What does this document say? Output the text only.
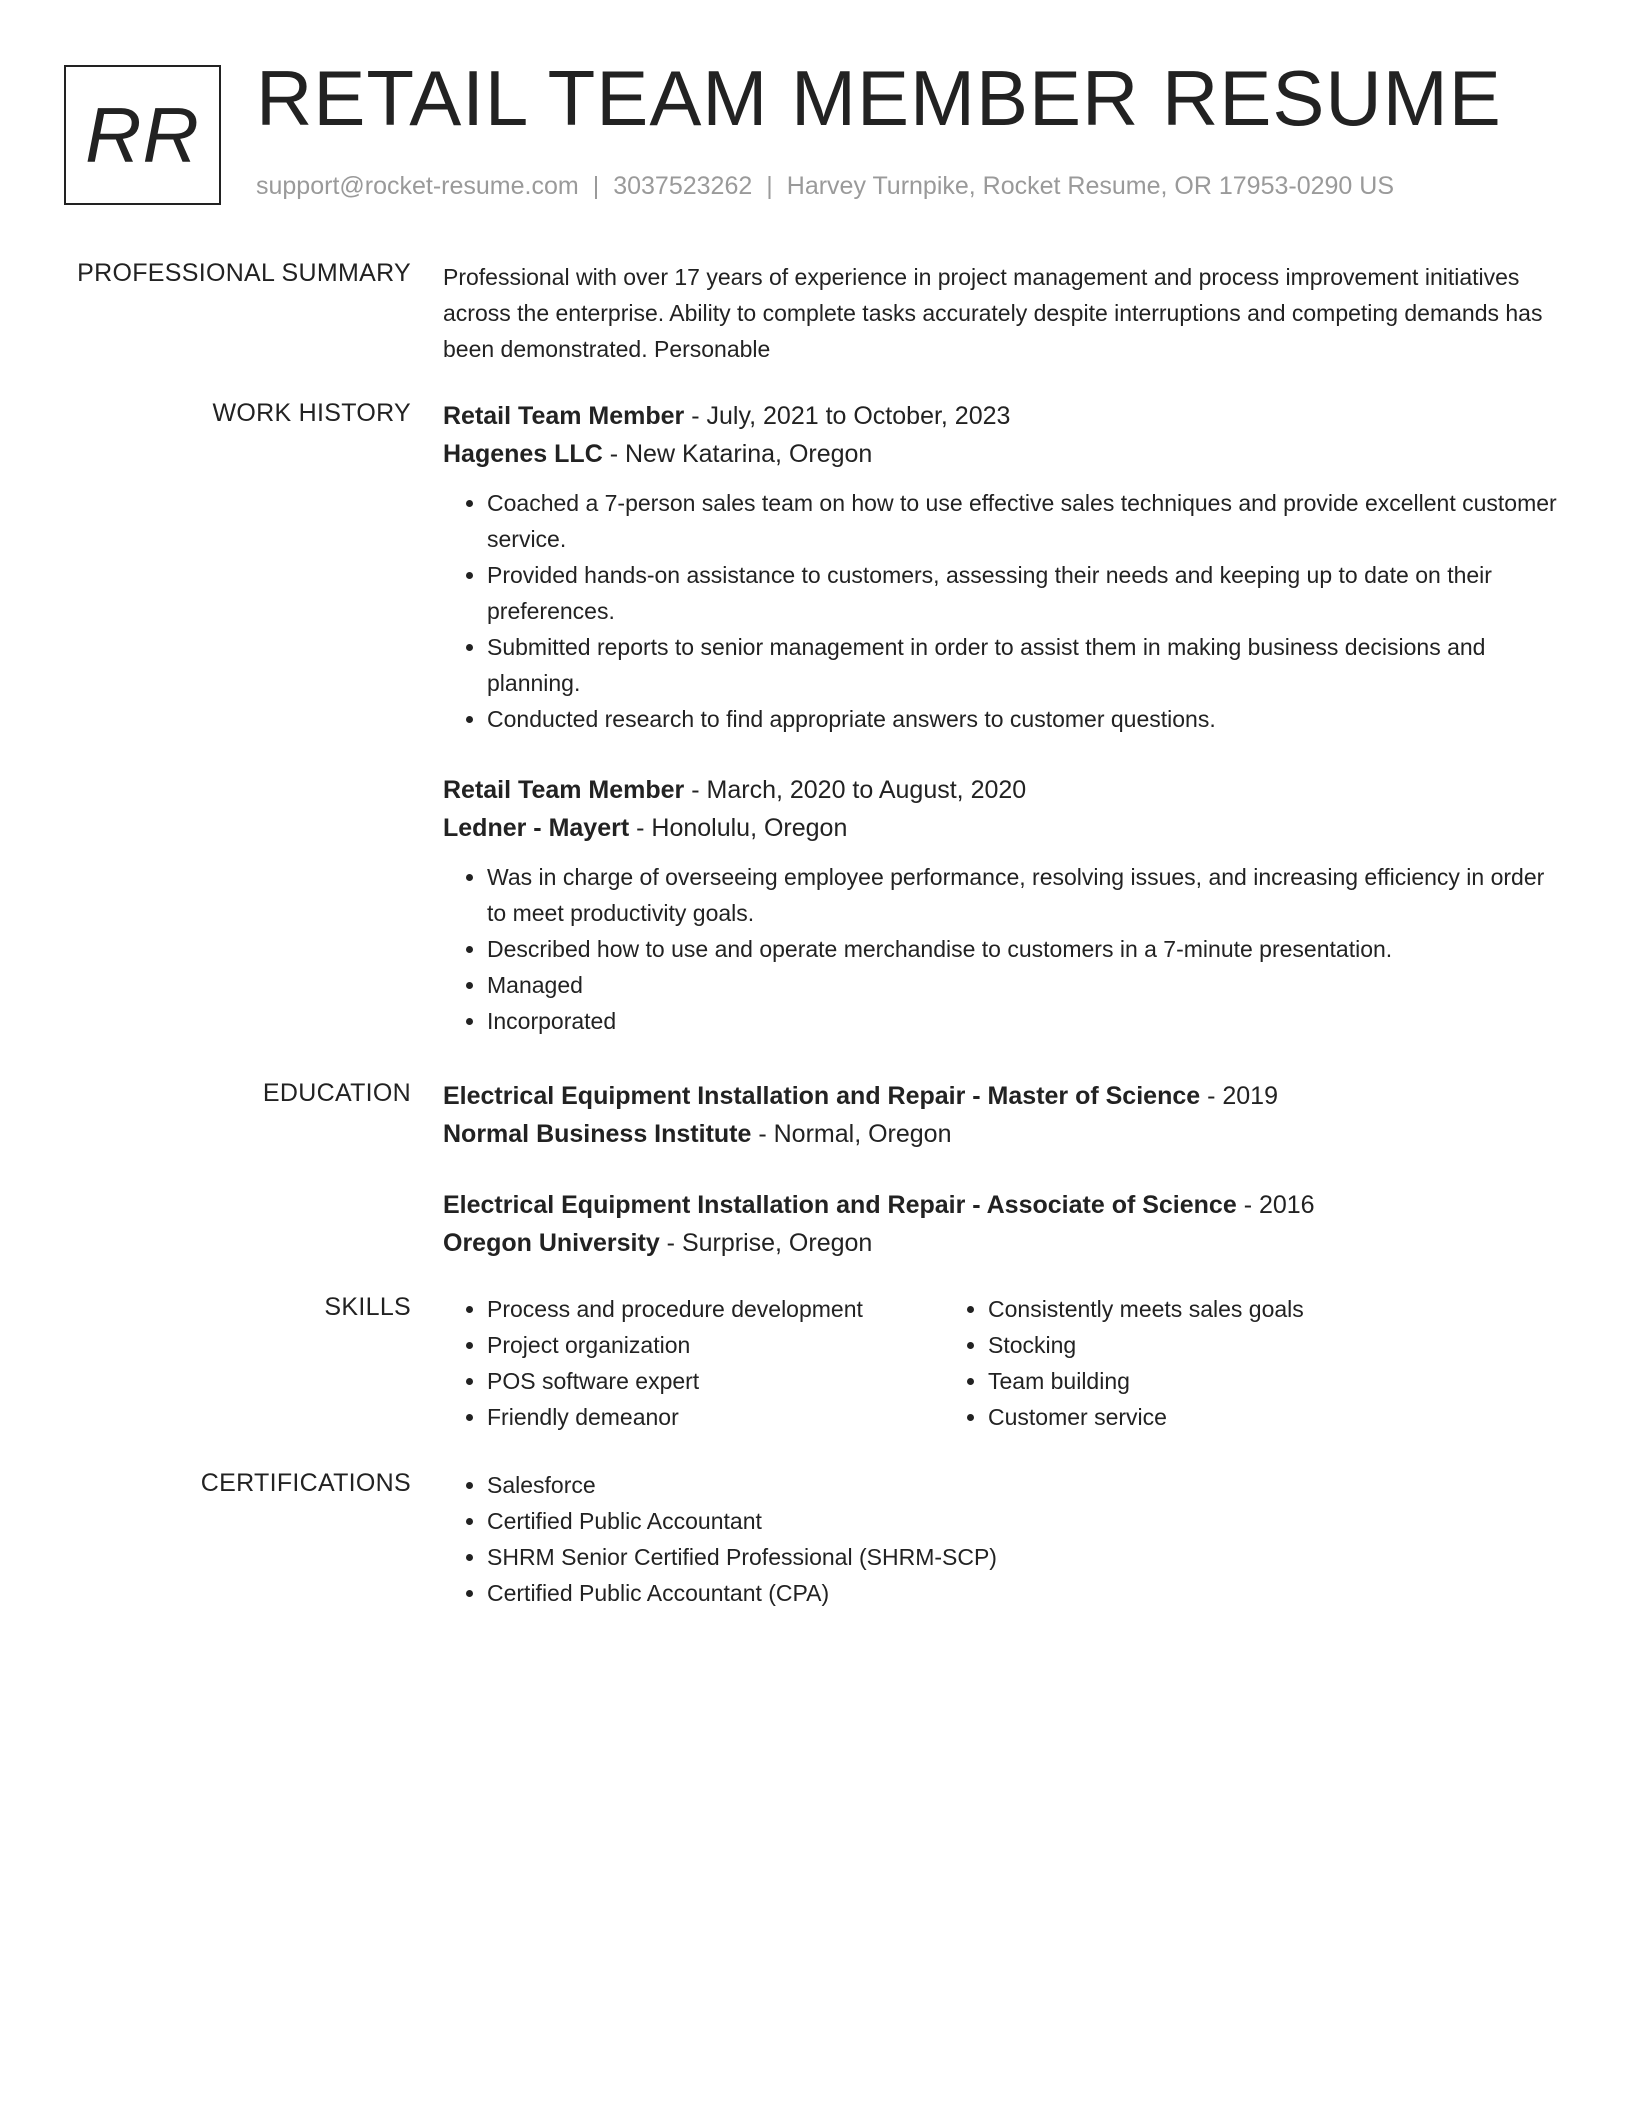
RR RETAIL TEAM MEMBER RESUME
support@rocket-resume.com | 3037523262 | Harvey Turnpike, Rocket Resume, OR 17953-0290 US
PROFESSIONAL SUMMARY Professional with over 17 years of experience in project management and process improvement initiatives across the enterprise. Ability to complete tasks accurately despite interruptions and competing demands has been demonstrated. Personable

WORK HISTORY Retail Team Member - July, 2021 to October, 2023
Hagenes LLC - New Katarina, Oregon
• Coached a 7-person sales team on how to use effective sales techniques and provide excellent customer service.
• Provided hands-on assistance to customers, assessing their needs and keeping up to date on their preferences.
• Submitted reports to senior management in order to assist them in making business decisions and planning.
• Conducted research to find appropriate answers to customer questions.
Retail Team Member - March, 2020 to August, 2020
Ledner - Mayert - Honolulu, Oregon
• Was in charge of overseeing employee performance, resolving issues, and increasing efficiency in order to meet productivity goals.
• Described how to use and operate merchandise to customers in a 7-minute presentation.
• Managed
• Incorporated
EDUCATION Electrical Equipment Installation and Repair - Master of Science - 2019
Normal Business Institute - Normal, Oregon
Electrical Equipment Installation and Repair - Associate of Science - 2016
Oregon University - Surprise, Oregon
SKILLS	• Process and procedure development
• Project organization
• POS software expert
• Friendly demeanor
• Consistently meets sales goals
• Stocking
• Team building
• Customer service
CERTIFICATIONS	• Salesforce
• Certified Public Accountant
• SHRM Senior Certified Professional (SHRM-SCP)
• Certified Public Accountant (CPA)
